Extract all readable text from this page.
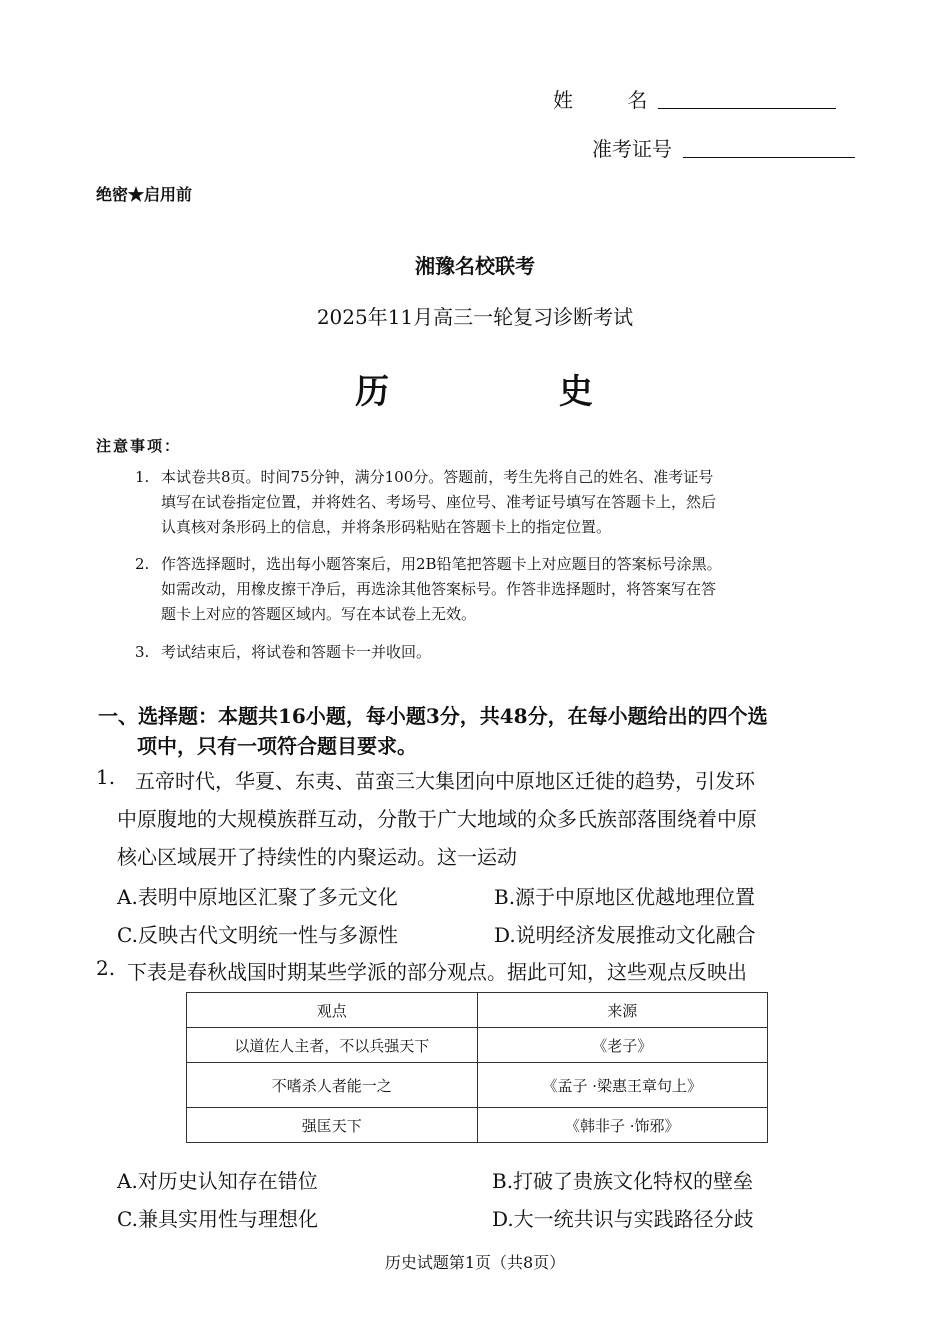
姓 名
准考证号
绝密★启用前
湘豫名校联考
2025年11月高三一轮复习诊断考试
历  史
注意事项：
1. 本试卷共8页。时间75分钟，满分100分。答题前，考生先将自己的姓名、准考证号
填写在试卷指定位置，并将姓名、考场号、座位号、准考证号填写在答题卡上，然后
认真核对条形码上的信息，并将条形码粘贴在答题卡上的指定位置。
2. 作答选择题时，选出每小题答案后，用2B铅笔把答题卡上对应题目的答案标号涂黑。
如需改动，用橡皮擦干净后，再选涂其他答案标号。作答非选择题时，将答案写在答
题卡上对应的答题区域内。写在本试卷上无效。
3. 考试结束后，将试卷和答题卡一并收回。
一、选择题：本题共16小题，每小题3分，共48分，在每小题给出的四个选
项中，只有一项符合题目要求。
1. 五帝时代，华夏、东夷、苗蛮三大集团向中原地区迁徙的趋势，引发环
中原腹地的大规模族群互动，分散于广大地域的众多氏族部落围绕着中原
核心区域展开了持续性的内聚运动。这一运动
A.表明中原地区汇聚了多元文化	B.源于中原地区优越地理位置
C.反映古代文明统一性与多源性	D.说明经济发展推动文化融合
2. 下表是春秋战国时期某些学派的部分观点。据此可知，这些观点反映出
观点	来源
以道佐人主者，不以兵强天下	《老子》
不嗜杀人者能一之	《孟子 ·梁惠王章句上》
强匡天下	《韩非子 ·饰邪》
A.对历史认知存在错位	B.打破了贵族文化特权的壁垒
C.兼具实用性与理想化	D.大一统共识与实践路径分歧
历史试题第1页（共8页）
